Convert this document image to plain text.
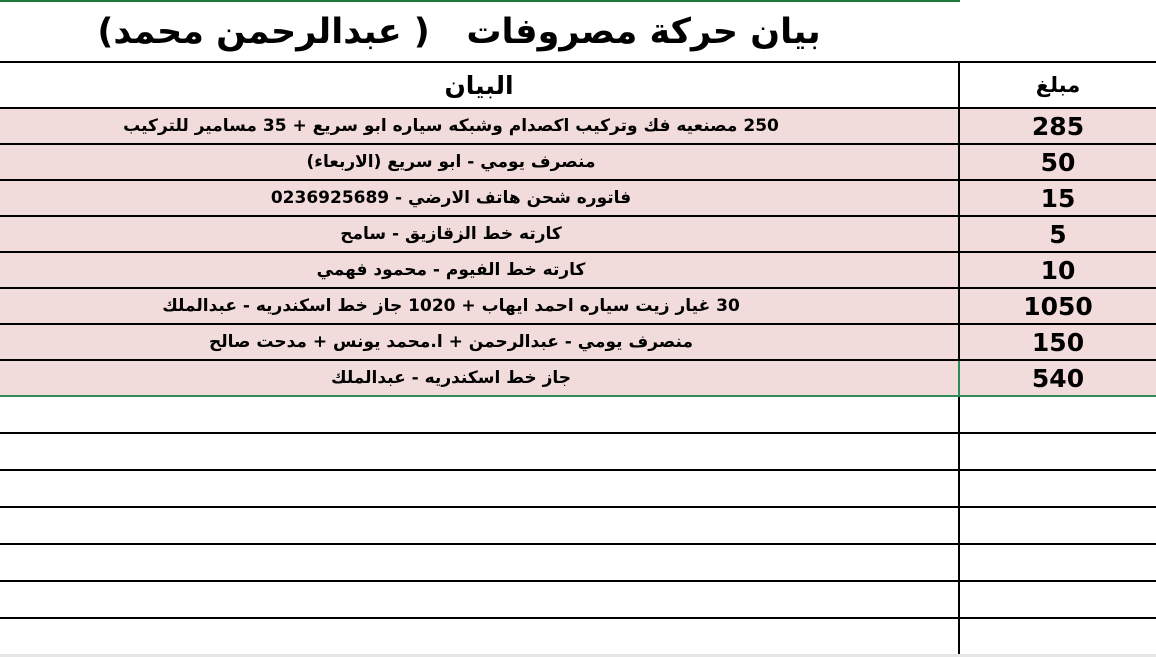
بيان حركة مصروفات   ( عبدالرحمن محمد)
مبلغ	البيان
285	250 مصنعيه فك وتركيب اكصدام وشبكه سياره ابو سريع + 35 مسامير للتركيب
50	منصرف يومي - ابو سريع (الاربعاء)
15	فاتوره شحن هاتف الارضي - 0236925689
5	كارته خط الزقازيق - سامح
10	كارته خط الفيوم - محمود فهمي
1050	30 غيار زيت سياره احمد ايهاب + 1020 جاز خط اسكندريه - عبدالملك
150	منصرف يومي - عبدالرحمن + ا.محمد يونس + مدحت صالح
540	جاز خط اسكندريه - عبدالملك
